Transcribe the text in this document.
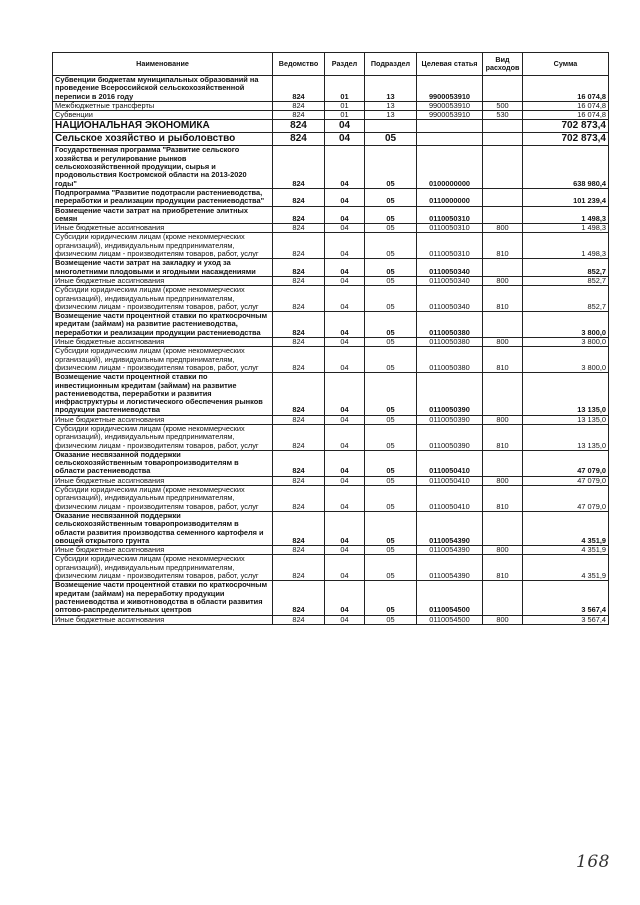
Наименование	Ведомство	Раздел	Подраздел	Целевая статья	Вид расходов	Сумма
Субвенции бюджетам муниципальных образований на проведение Всероссийской сельскохозяйственной переписи в 2016 году	824	01	13	9900053910		16 074,8
Межбюджетные трансферты	824	01	13	9900053910	500	16 074,8
Субвенции	824	01	13	9900053910	530	16 074,8
НАЦИОНАЛЬНАЯ ЭКОНОМИКА	824	04				702 873,4
Сельское хозяйство и рыболовство	824	04	05			702 873,4
Государственная программа "Развитие сельского хозяйства и регулирование рынков сельскохозяйственной продукции, сырья и продовольствия Костромской области на 2013-2020 годы"	824	04	05	0100000000		638 980,4
Подпрограмма "Развитие подотрасли растениеводства, переработки и реализации продукции растениеводства"	824	04	05	0110000000		101 239,4
Возмещение части затрат на приобретение элитных семян	824	04	05	0110050310		1 498,3
Иные бюджетные ассигнования	824	04	05	0110050310	800	1 498,3
Субсидии юридическим лицам (кроме некоммерческих организаций), индивидуальным предпринимателям, физическим лицам - производителям товаров, работ, услуг	824	04	05	0110050310	810	1 498,3
Возмещение части затрат на закладку и уход за многолетними плодовыми и ягодными насаждениями	824	04	05	0110050340		852,7
Иные бюджетные ассигнования	824	04	05	0110050340	800	852,7
Субсидии юридическим лицам (кроме некоммерческих организаций), индивидуальным предпринимателям, физическим лицам - производителям товаров, работ, услуг	824	04	05	0110050340	810	852,7
Возмещение части процентной ставки по краткосрочным кредитам (займам) на развитие растениеводства, переработки и реализации продукции растениеводства	824	04	05	0110050380		3 800,0
Иные бюджетные ассигнования	824	04	05	0110050380	800	3 800,0
Субсидии юридическим лицам (кроме некоммерческих организаций), индивидуальным предпринимателям, физическим лицам - производителям товаров, работ, услуг	824	04	05	0110050380	810	3 800,0
Возмещение части процентной ставки по инвестиционным кредитам (займам) на развитие растениеводства, переработки и развития инфраструктуры и логистического обеспечения рынков продукции растениеводства	824	04	05	0110050390		13 135,0
Иные бюджетные ассигнования	824	04	05	0110050390	800	13 135,0
Субсидии юридическим лицам (кроме некоммерческих организаций), индивидуальным предпринимателям, физическим лицам - производителям товаров, работ, услуг	824	04	05	0110050390	810	13 135,0
Оказание несвязанной поддержки сельскохозяйственным товаропроизводителям в области растениеводства	824	04	05	0110050410		47 079,0
Иные бюджетные ассигнования	824	04	05	0110050410	800	47 079,0
Субсидии юридическим лицам (кроме некоммерческих организаций), индивидуальным предпринимателям, физическим лицам - производителям товаров, работ, услуг	824	04	05	0110050410	810	47 079,0
Оказание несвязанной поддержки сельскохозяйственным товаропроизводителям в области развития производства семенного картофеля и овощей открытого грунта	824	04	05	0110054390		4 351,9
Иные бюджетные ассигнования	824	04	05	0110054390	800	4 351,9
Субсидии юридическим лицам (кроме некоммерческих организаций), индивидуальным предпринимателям, физическим лицам - производителям товаров, работ, услуг	824	04	05	0110054390	810	4 351,9
Возмещение части процентной ставки по краткосрочным кредитам (займам) на переработку продукции растениеводства и животноводства в области развития оптово-распределительных центров	824	04	05	0110054500		3 567,4
Иные бюджетные ассигнования	824	04	05	0110054500	800	3 567,4
168
